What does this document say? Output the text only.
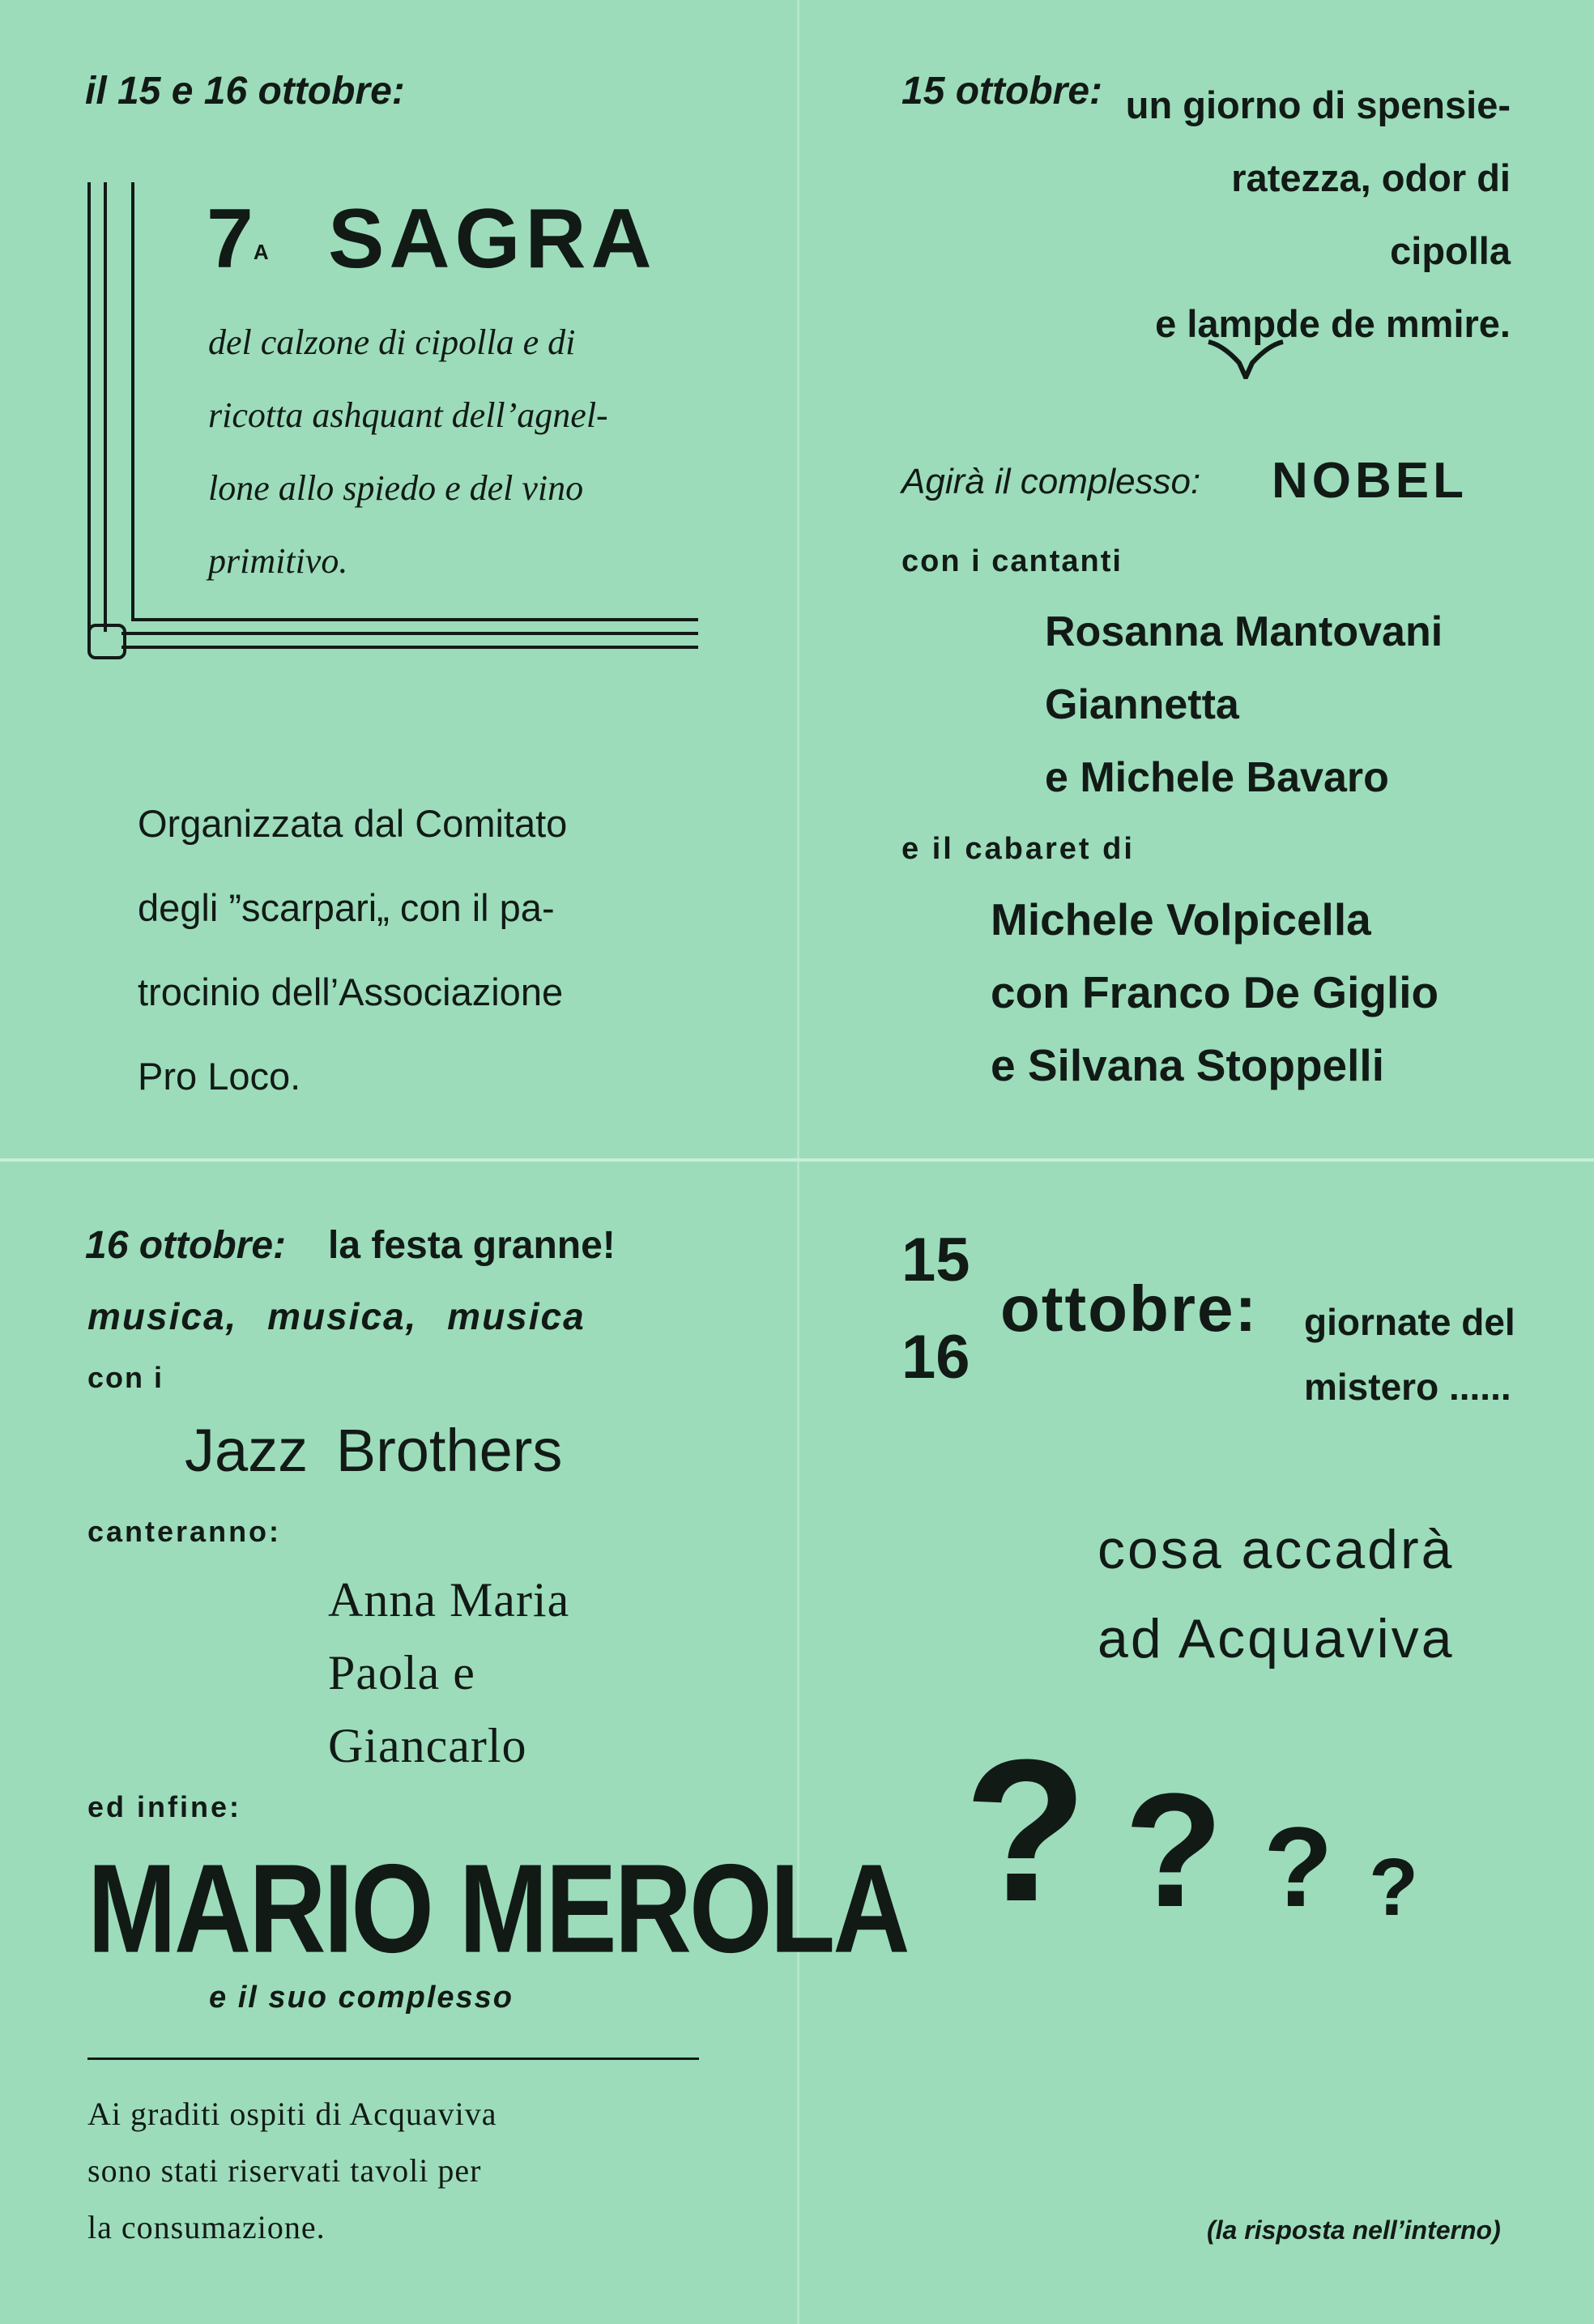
il 15 e 16 ottobre:
$7^A$ SAGRA
del calzone di cipolla e di
ricotta ashquant dell’agnel-
lone allo spiedo e del vino
primitivo.
Organizzata dal Comitato
degli ”scarpari„ con il pa-
trocinio dell’Associazione
Pro Loco.
15 ottobre: un giorno di spensie-
ratezza, odor di cipolla
e lampde de mmire.
Agirà il complesso: NOBEL
con i cantanti
Rosanna Mantovani
Giannetta
e Michele Bavaro
e il cabaret di
Michele Volpicella
con Franco De Giglio
e Silvana Stoppelli
16 ottobre: la festa granne!
musica, musica, musica
con i
Jazz Brothers
canteranno:
Anna Maria
Paola e
Giancarlo
ed infine:
MARIO MEROLA
e il suo complesso
Ai graditi ospiti di Acquaviva
sono stati riservati tavoli per
la consumazione.
15
16
ottobre: giornate del
mistero ......
cosa accadrà
ad Acquaviva
? ? ? ?
(la risposta nell’interno)
